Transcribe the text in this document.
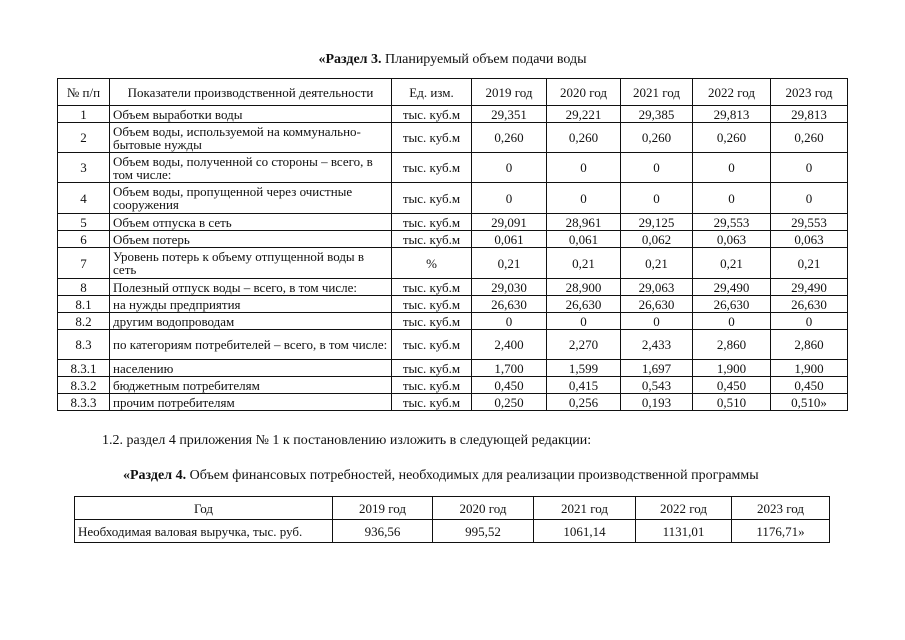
«Раздел 3. Планируемый объем подачи воды
№ п/п	Показатели производственной деятельности	Ед. изм.	2019 год	2020 год	2021 год	2022 год	2023 год
1	Объем выработки воды	тыс. куб.м	29,351	29,221	29,385	29,813	29,813
2	Объем воды, используемой на коммунально-бытовые нужды	тыс. куб.м	0,260	0,260	0,260	0,260	0,260
3	Объем воды, полученной со стороны – всего, в том числе:	тыс. куб.м	0	0	0	0	0
4	Объем воды, пропущенной через очистные сооружения	тыс. куб.м	0	0	0	0	0
5	Объем отпуска в сеть	тыс. куб.м	29,091	28,961	29,125	29,553	29,553
6	Объем потерь	тыс. куб.м	0,061	0,061	0,062	0,063	0,063
7	Уровень потерь к объему отпущенной воды в сеть	%	0,21	0,21	0,21	0,21	0,21
8	Полезный отпуск воды – всего, в том числе:	тыс. куб.м	29,030	28,900	29,063	29,490	29,490
8.1	на нужды предприятия	тыс. куб.м	26,630	26,630	26,630	26,630	26,630
8.2	другим водопроводам	тыс. куб.м	0	0	0	0	0
8.3	по категориям потребителей – всего, в том числе:	тыс. куб.м	2,400	2,270	2,433	2,860	2,860
8.3.1	населению	тыс. куб.м	1,700	1,599	1,697	1,900	1,900
8.3.2	бюджетным потребителям	тыс. куб.м	0,450	0,415	0,543	0,450	0,450
8.3.3	прочим потребителям	тыс. куб.м	0,250	0,256	0,193	0,510	0,510»
1.2. раздел 4 приложения № 1 к постановлению изложить в следующей редакции:
«Раздел 4. Объем финансовых потребностей, необходимых для реализации производственной программы
Год	2019 год	2020 год	2021 год	2022 год	2023 год
Необходимая валовая выручка, тыс. руб.	936,56	995,52	1061,14	1131,01	1176,71»
